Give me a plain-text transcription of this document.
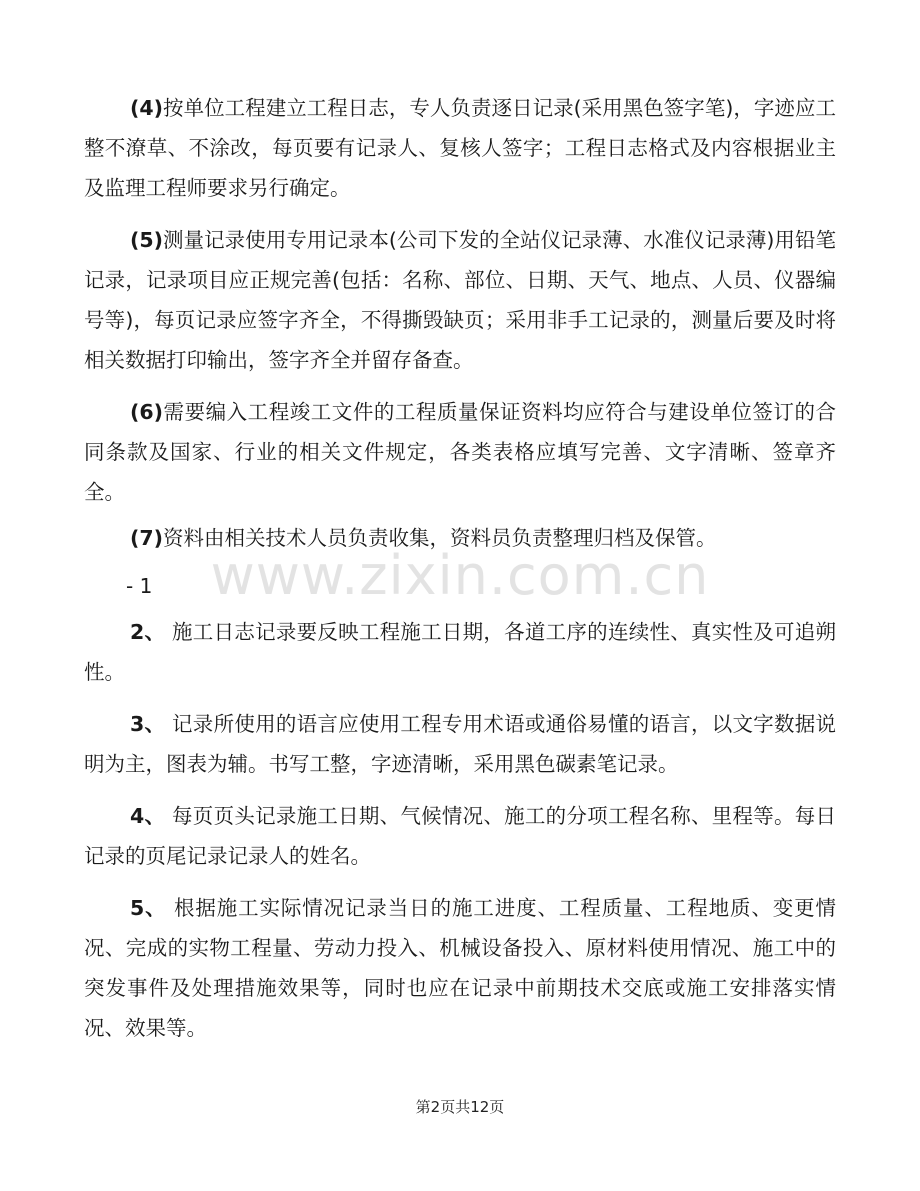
www.zixin.com.cn

(4)按单位工程建立工程日志，专人负责逐日记录(采用黑色签字笔)，字迹应工整不潦草、不涂改，每页要有记录人、复核人签字；工程日志格式及内容根据业主及监理工程师要求另行确定。

(5)测量记录使用专用记录本(公司下发的全站仪记录薄、水准仪记录薄)用铅笔记录，记录项目应正规完善(包括：名称、部位、日期、天气、地点、人员、仪器编号等)，每页记录应签字齐全，不得撕毁缺页；采用非手工记录的，测量后要及时将相关数据打印输出，签字齐全并留存备查。

(6)需要编入工程竣工文件的工程质量保证资料均应符合与建设单位签订的合同条款及国家、行业的相关文件规定，各类表格应填写完善、文字清晰、签章齐全。

(7)资料由相关技术人员负责收集，资料员负责整理归档及保管。

- 1

2、 施工日志记录要反映工程施工日期，各道工序的连续性、真实性及可追朔性。

3、 记录所使用的语言应使用工程专用术语或通俗易懂的语言，以文字数据说明为主，图表为辅。书写工整，字迹清晰，采用黑色碳素笔记录。

4、 每页页头记录施工日期、气候情况、施工的分项工程名称、里程等。每日记录的页尾记录记录人的姓名。

5、 根据施工实际情况记录当日的施工进度、工程质量、工程地质、变更情况、完成的实物工程量、劳动力投入、机械设备投入、原材料使用情况、施工中的突发事件及处理措施效果等，同时也应在记录中前期技术交底或施工安排落实情况、效果等。

第2页共12页
